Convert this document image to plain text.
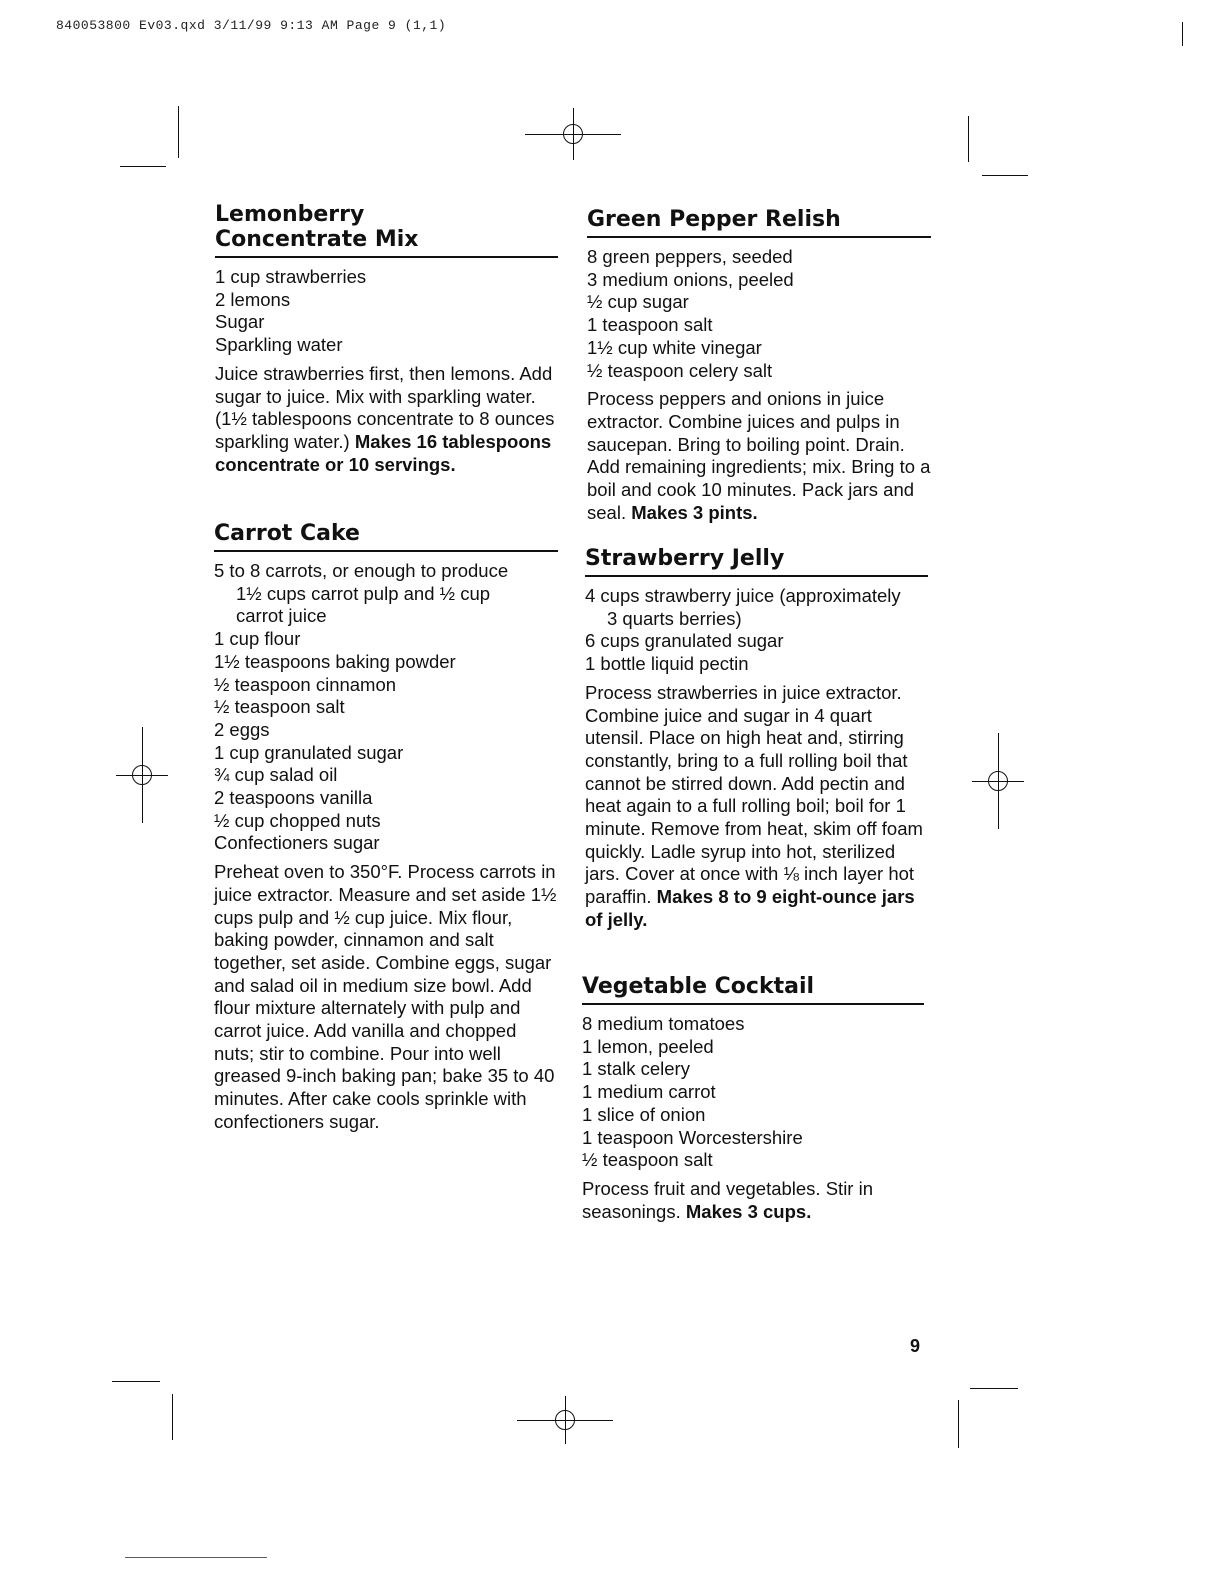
840053800 Ev03.qxd 3/11/99 9:13 AM Page 9 (1,1)
Lemonberry Concentrate Mix
1 cup strawberries
2 lemons
Sugar
Sparkling water

Juice strawberries first, then lemons. Add sugar to juice. Mix with sparkling water. (1½ tablespoons concentrate to 8 ounces sparkling water.) Makes 16 tablespoons concentrate or 10 servings.

Carrot Cake
5 to 8 carrots, or enough to produce
1½ cups carrot pulp and ½ cup
carrot juice
1 cup flour
1½ teaspoons baking powder
½ teaspoon cinnamon
½ teaspoon salt
2 eggs
1 cup granulated sugar
¾ cup salad oil
2 teaspoons vanilla
½ cup chopped nuts
Confectioners sugar

Preheat oven to 350°F. Process carrots in juice extractor. Measure and set aside 1½ cups pulp and ½ cup juice. Mix flour, baking powder, cinnamon and salt together, set aside. Combine eggs, sugar and salad oil in medium size bowl. Add flour mixture alternately with pulp and carrot juice. Add vanilla and chopped nuts; stir to combine. Pour into well greased 9-inch baking pan; bake 35 to 40 minutes. After cake cools sprinkle with confectioners sugar.

Green Pepper Relish
8 green peppers, seeded
3 medium onions, peeled
½ cup sugar
1 teaspoon salt
1½ cup white vinegar
½ teaspoon celery salt

Process peppers and onions in juice extractor. Combine juices and pulps in saucepan. Bring to boiling point. Drain. Add remaining ingredients; mix. Bring to a boil and cook 10 minutes. Pack jars and seal. Makes 3 pints.

Strawberry Jelly
4 cups strawberry juice (approximately
3 quarts berries)
6 cups granulated sugar
1 bottle liquid pectin

Process strawberries in juice extractor. Combine juice and sugar in 4 quart utensil. Place on high heat and, stirring constantly, bring to a full rolling boil that cannot be stirred down. Add pectin and heat again to a full rolling boil; boil for 1 minute. Remove from heat, skim off foam quickly. Ladle syrup into hot, sterilized jars. Cover at once with ⅛ inch layer hot paraffin. Makes 8 to 9 eight-ounce jars of jelly.

Vegetable Cocktail
8 medium tomatoes
1 lemon, peeled
1 stalk celery
1 medium carrot
1 slice of onion
1 teaspoon Worcestershire
½ teaspoon salt

Process fruit and vegetables. Stir in seasonings. Makes 3 cups.

9
